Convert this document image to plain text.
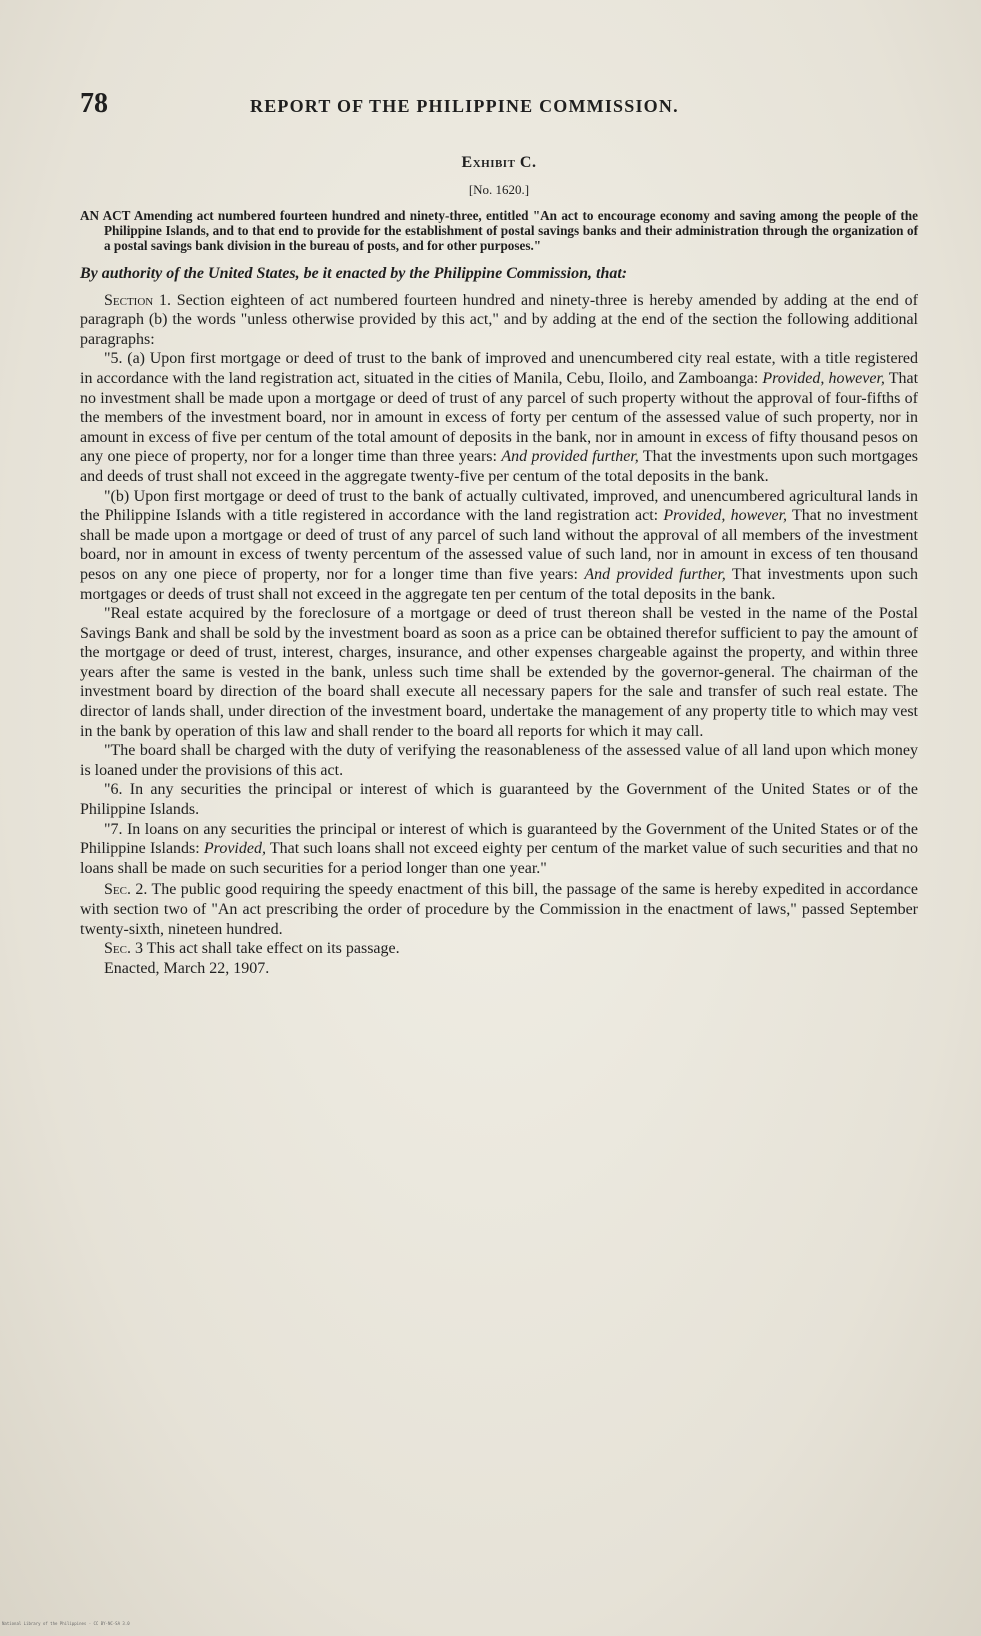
78	REPORT OF THE PHILIPPINE COMMISSION.
Exhibit C.
[No. 1620.]
AN ACT Amending act numbered fourteen hundred and ninety-three, entitled "An act to encourage economy and saving among the people of the Philippine Islands, and to that end to provide for the establishment of postal savings banks and their administration through the organization of a postal savings bank division in the bureau of posts, and for other purposes."
By authority of the United States, be it enacted by the Philippine Commission, that:

Section 1. Section eighteen of act numbered fourteen hundred and ninety-three is hereby amended by adding at the end of paragraph (b) the words "unless otherwise provided by this act," and by adding at the end of the section the following additional paragraphs:

"5. (a) Upon first mortgage or deed of trust to the bank of improved and unencumbered city real estate, with a title registered in accordance with the land registration act, situated in the cities of Manila, Cebu, Iloilo, and Zamboanga: Provided, however, That no investment shall be made upon a mortgage or deed of trust of any parcel of such property without the approval of four-fifths of the members of the investment board, nor in amount in excess of forty per centum of the assessed value of such property, nor in amount in excess of five per centum of the total amount of deposits in the bank, nor in amount in excess of fifty thousand pesos on any one piece of property, nor for a longer time than three years: And provided further, That the investments upon such mortgages and deeds of trust shall not exceed in the aggregate twenty-five per centum of the total deposits in the bank.

"(b) Upon first mortgage or deed of trust to the bank of actually cultivated, improved, and unencumbered agricultural lands in the Philippine Islands with a title registered in accordance with the land registration act: Provided, however, That no investment shall be made upon a mortgage or deed of trust of any parcel of such land without the approval of all members of the investment board, nor in amount in excess of twenty percentum of the assessed value of such land, nor in amount in excess of ten thousand pesos on any one piece of property, nor for a longer time than five years: And provided further, That investments upon such mortgages or deeds of trust shall not exceed in the aggregate ten per centum of the total deposits in the bank.

"Real estate acquired by the foreclosure of a mortgage or deed of trust thereon shall be vested in the name of the Postal Savings Bank and shall be sold by the investment board as soon as a price can be obtained therefor sufficient to pay the amount of the mortgage or deed of trust, interest, charges, insurance, and other expenses chargeable against the property, and within three years after the same is vested in the bank, unless such time shall be extended by the governor-general. The chairman of the investment board by direction of the board shall execute all necessary papers for the sale and transfer of such real estate. The director of lands shall, under direction of the investment board, undertake the management of any property title to which may vest in the bank by operation of this law and shall render to the board all reports for which it may call.

"The board shall be charged with the duty of verifying the reasonableness of the assessed value of all land upon which money is loaned under the provisions of this act.

"6. In any securities the principal or interest of which is guaranteed by the Government of the United States or of the Philippine Islands.

"7. In loans on any securities the principal or interest of which is guaranteed by the Government of the United States or of the Philippine Islands: Provided, That such loans shall not exceed eighty per centum of the market value of such securities and that no loans shall be made on such securities for a period longer than one year."

Sec. 2. The public good requiring the speedy enactment of this bill, the passage of the same is hereby expedited in accordance with section two of "An act prescribing the order of procedure by the Commission in the enactment of laws," passed September twenty-sixth, nineteen hundred.

Sec. 3 This act shall take effect on its passage.

Enacted, March 22, 1907.

National Library of the Philippines · CC BY-NC-SA 3.0
